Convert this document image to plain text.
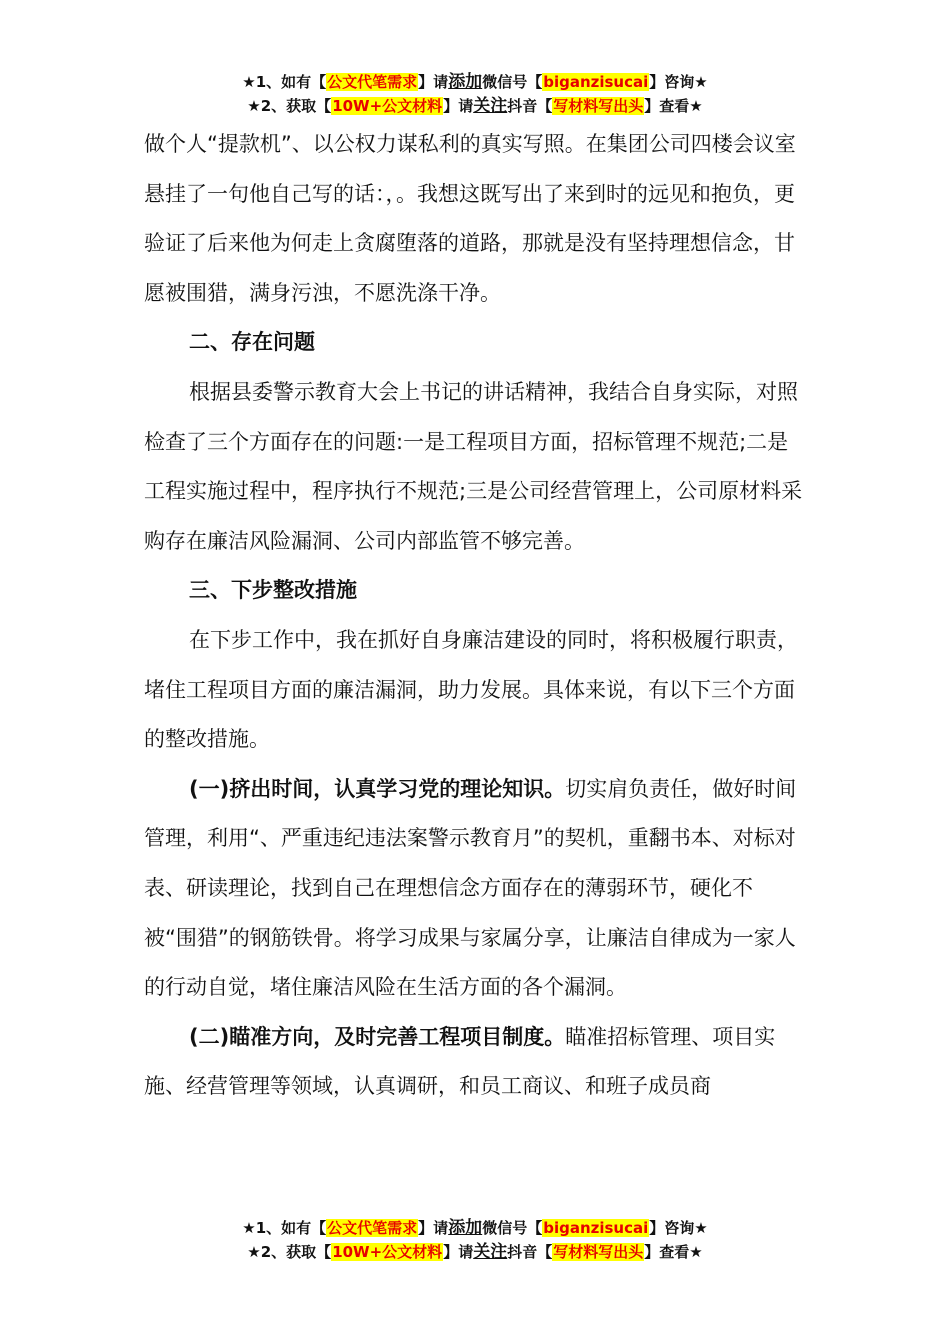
★1、如有【公文代笔需求】请添加微信号【biganzisucai】咨询★
★2、获取【10W+公文材料】请关注抖音【写材料写出头】查看★

做个人“提款机”、以公权力谋私利的真实写照。在集团公司四楼会议室悬挂了一句他自己写的话：，。我想这既写出了来到时的远见和抱负，更验证了后来他为何走上贪腐堕落的道路，那就是没有坚持理想信念，甘愿被围猎，满身污浊，不愿洗涤干净。

二、存在问题

根据县委警示教育大会上书记的讲话精神，我结合自身实际，对照检查了三个方面存在的问题:一是工程项目方面，招标管理不规范;二是工程实施过程中，程序执行不规范;三是公司经营管理上，公司原材料采购存在廉洁风险漏洞、公司内部监管不够完善。

三、下步整改措施

在下步工作中，我在抓好自身廉洁建设的同时，将积极履行职责，堵住工程项目方面的廉洁漏洞，助力发展。具体来说，有以下三个方面的整改措施。

(一)挤出时间，认真学习党的理论知识。切实肩负责任，做好时间管理，利用“、严重违纪违法案警示教育月”的契机，重翻书本、对标对表、研读理论，找到自己在理想信念方面存在的薄弱环节，硬化不被“围猎”的钢筋铁骨。将学习成果与家属分享，让廉洁自律成为一家人的行动自觉，堵住廉洁风险在生活方面的各个漏洞。

(二)瞄准方向，及时完善工程项目制度。瞄准招标管理、项目实施、经营管理等领域，认真调研，和员工商议、和班子成员商

★1、如有【公文代笔需求】请添加微信号【biganzisucai】咨询★
★2、获取【10W+公文材料】请关注抖音【写材料写出头】查看★
